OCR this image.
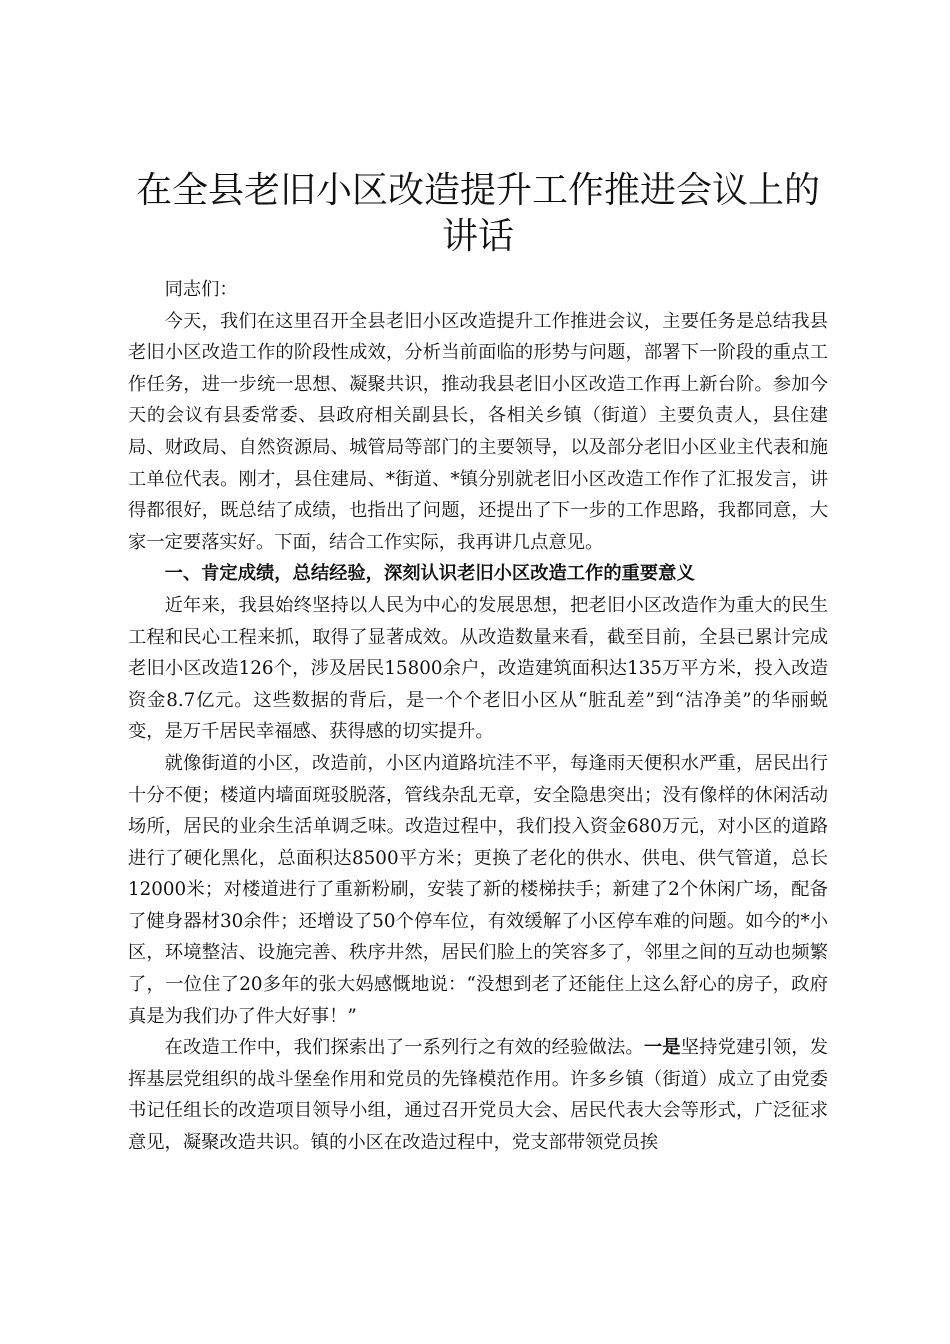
在全县老旧小区改造提升工作推进会议上的讲话

同志们：

今天，我们在这里召开全县老旧小区改造提升工作推进会议，主要任务是总结我县老旧小区改造工作的阶段性成效，分析当前面临的形势与问题，部署下一阶段的重点工作任务，进一步统一思想、凝聚共识，推动我县老旧小区改造工作再上新台阶。参加今天的会议有县委常委、县政府相关副县长，各相关乡镇（街道）主要负责人，县住建局、财政局、自然资源局、城管局等部门的主要领导，以及部分老旧小区业主代表和施工单位代表。刚才，县住建局、*街道、*镇分别就老旧小区改造工作作了汇报发言，讲得都很好，既总结了成绩，也指出了问题，还提出了下一步的工作思路，我都同意，大家一定要落实好。下面，结合工作实际，我再讲几点意见。

一、肯定成绩，总结经验，深刻认识老旧小区改造工作的重要意义

近年来，我县始终坚持以人民为中心的发展思想，把老旧小区改造作为重大的民生工程和民心工程来抓，取得了显著成效。从改造数量来看，截至目前，全县已累计完成老旧小区改造126个，涉及居民15800余户，改造建筑面积达135万平方米，投入改造资金8.7亿元。这些数据的背后，是一个个老旧小区从“脏乱差”到“洁净美”的华丽蜕变，是万千居民幸福感、获得感的切实提升。

就像街道的小区，改造前，小区内道路坑洼不平，每逢雨天便积水严重，居民出行十分不便；楼道内墙面斑驳脱落，管线杂乱无章，安全隐患突出；没有像样的休闲活动场所，居民的业余生活单调乏味。改造过程中，我们投入资金680万元，对小区的道路进行了硬化黑化，总面积达8500平方米；更换了老化的供水、供电、供气管道，总长12000米；对楼道进行了重新粉刷，安装了新的楼梯扶手；新建了2个休闲广场，配备了健身器材30余件；还增设了50个停车位，有效缓解了小区停车难的问题。如今的*小区，环境整洁、设施完善、秩序井然，居民们脸上的笑容多了，邻里之间的互动也频繁了，一位住了20多年的张大妈感慨地说：“没想到老了还能住上这么舒心的房子，政府真是为我们办了件大好事！”

在改造工作中，我们探索出了一系列行之有效的经验做法。一是坚持党建引领，发挥基层党组织的战斗堡垒作用和党员的先锋模范作用。许多乡镇（街道）成立了由党委书记任组长的改造项目领导小组，通过召开党员大会、居民代表大会等形式，广泛征求意见，凝聚改造共识。镇的小区在改造过程中，党支部带领党员挨
